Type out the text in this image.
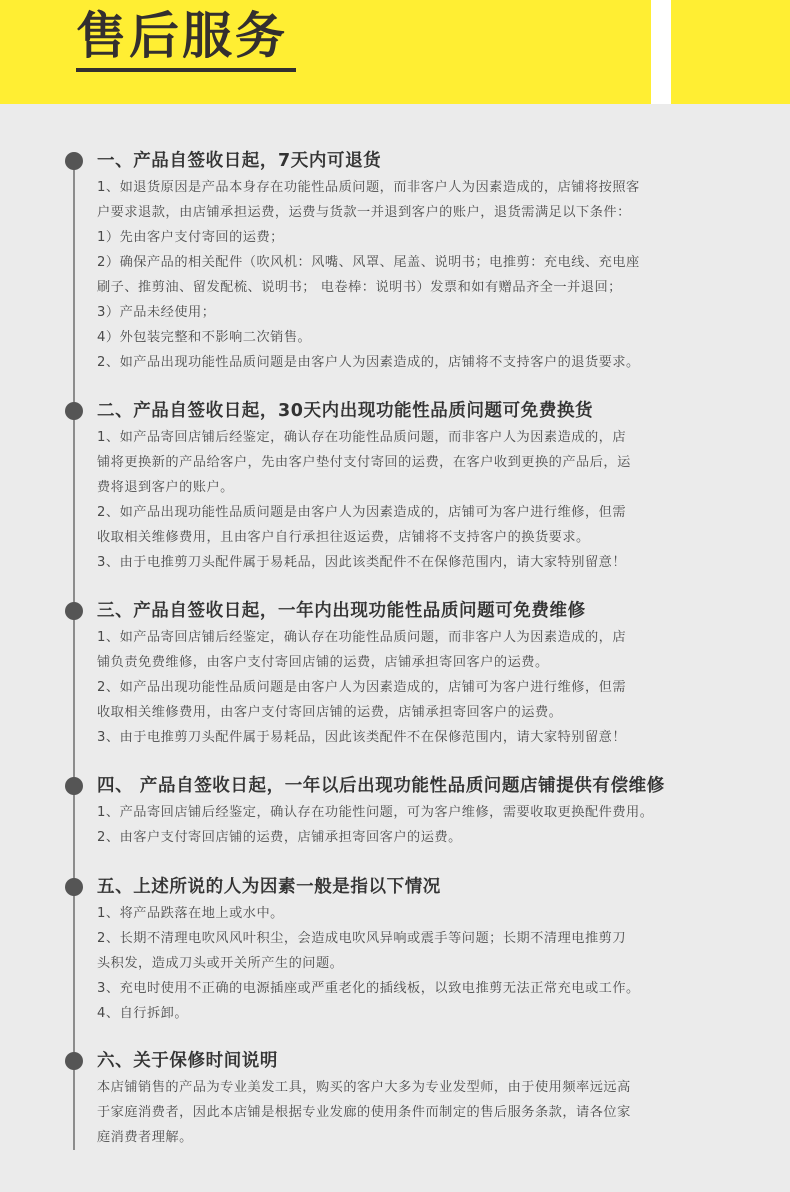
售后服务
一、产品自签收日起，7天内可退货
1、如退货原因是产品本身存在功能性品质问题，而非客户人为因素造成的，店铺将按照客
户要求退款，由店铺承担运费，运费与货款一并退到客户的账户，退货需满足以下条件：
1）先由客户支付寄回的运费；
2）确保产品的相关配件（吹风机：风嘴、风罩、尾盖、说明书；电推剪：充电线、充电座
刷子、推剪油、留发配梳、说明书； 电卷棒：说明书）发票和如有赠品齐全一并退回；
3）产品未经使用；
4）外包装完整和不影响二次销售。
2、如产品出现功能性品质问题是由客户人为因素造成的，店铺将不支持客户的退货要求。
二、产品自签收日起，30天内出现功能性品质问题可免费换货
1、如产品寄回店铺后经鉴定，确认存在功能性品质问题，而非客户人为因素造成的，店
铺将更换新的产品给客户，先由客户垫付支付寄回的运费，在客户收到更换的产品后，运
费将退到客户的账户。
2、如产品出现功能性品质问题是由客户人为因素造成的，店铺可为客户进行维修，但需
收取相关维修费用，且由客户自行承担往返运费，店铺将不支持客户的换货要求。
3、由于电推剪刀头配件属于易耗品，因此该类配件不在保修范围内，请大家特别留意！
三、产品自签收日起，一年内出现功能性品质问题可免费维修
1、如产品寄回店铺后经鉴定，确认存在功能性品质问题，而非客户人为因素造成的，店
铺负责免费维修，由客户支付寄回店铺的运费，店铺承担寄回客户的运费。
2、如产品出现功能性品质问题是由客户人为因素造成的，店铺可为客户进行维修，但需
收取相关维修费用，由客户支付寄回店铺的运费，店铺承担寄回客户的运费。
3、由于电推剪刀头配件属于易耗品，因此该类配件不在保修范围内，请大家特别留意！
四、 产品自签收日起，一年以后出现功能性品质问题店铺提供有偿维修
1、产品寄回店铺后经鉴定，确认存在功能性问题，可为客户维修，需要收取更换配件费用。
2、由客户支付寄回店铺的运费，店铺承担寄回客户的运费。
五、上述所说的人为因素一般是指以下情况
1、将产品跌落在地上或水中。
2、长期不清理电吹风风叶积尘，会造成电吹风异响或震手等问题；长期不清理电推剪刀
头积发，造成刀头或开关所产生的问题。
3、充电时使用不正确的电源插座或严重老化的插线板，以致电推剪无法正常充电或工作。
4、自行拆卸。
六、关于保修时间说明
本店铺销售的产品为专业美发工具，购买的客户大多为专业发型师，由于使用频率远远高
于家庭消费者，因此本店铺是根据专业发廊的使用条件而制定的售后服务条款，请各位家
庭消费者理解。
